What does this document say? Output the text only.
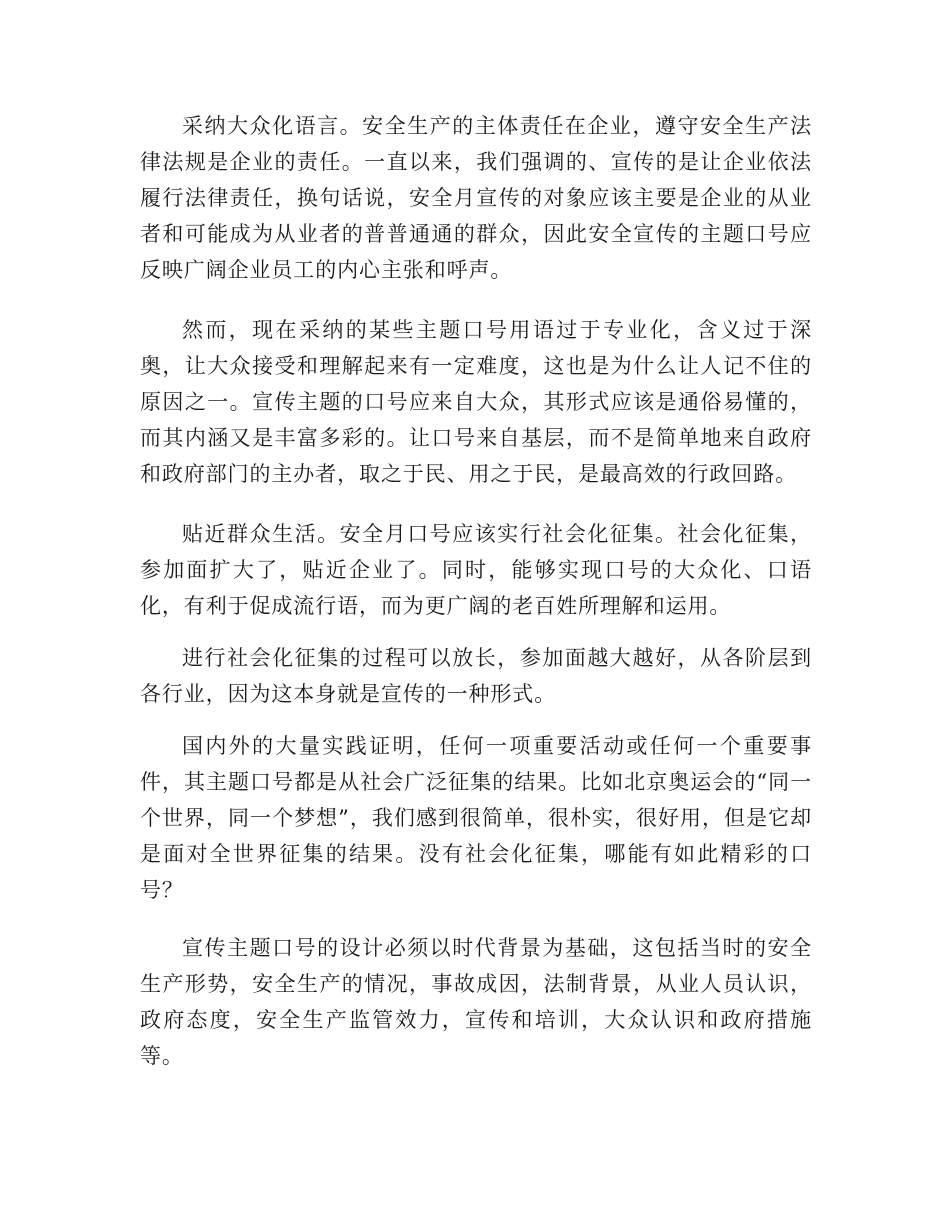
采纳大众化语言。安全生产的主体责任在企业，遵守安全生产法律法规是企业的责任。一直以来，我们强调的、宣传的是让企业依法履行法律责任，换句话说，安全月宣传的对象应该主要是企业的从业者和可能成为从业者的普普通通的群众，因此安全宣传的主题口号应反映广阔企业员工的内心主张和呼声。

然而，现在采纳的某些主题口号用语过于专业化，含义过于深奥，让大众接受和理解起来有一定难度，这也是为什么让人记不住的原因之一。宣传主题的口号应来自大众，其形式应该是通俗易懂的，而其内涵又是丰富多彩的。让口号来自基层，而不是简单地来自政府和政府部门的主办者，取之于民、用之于民，是最高效的行政回路。

贴近群众生活。安全月口号应该实行社会化征集。社会化征集，参加面扩大了，贴近企业了。同时，能够实现口号的大众化、口语化，有利于促成流行语，而为更广阔的老百姓所理解和运用。

进行社会化征集的过程可以放长，参加面越大越好，从各阶层到各行业，因为这本身就是宣传的一种形式。

国内外的大量实践证明，任何一项重要活动或任何一个重要事件，其主题口号都是从社会广泛征集的结果。比如北京奥运会的“同一个世界，同一个梦想”，我们感到很简单，很朴实，很好用，但是它却是面对全世界征集的结果。没有社会化征集，哪能有如此精彩的口号？

宣传主题口号的设计必须以时代背景为基础，这包括当时的安全生产形势，安全生产的情况，事故成因，法制背景，从业人员认识，政府态度，安全生产监管效力，宣传和培训，大众认识和政府措施等。
